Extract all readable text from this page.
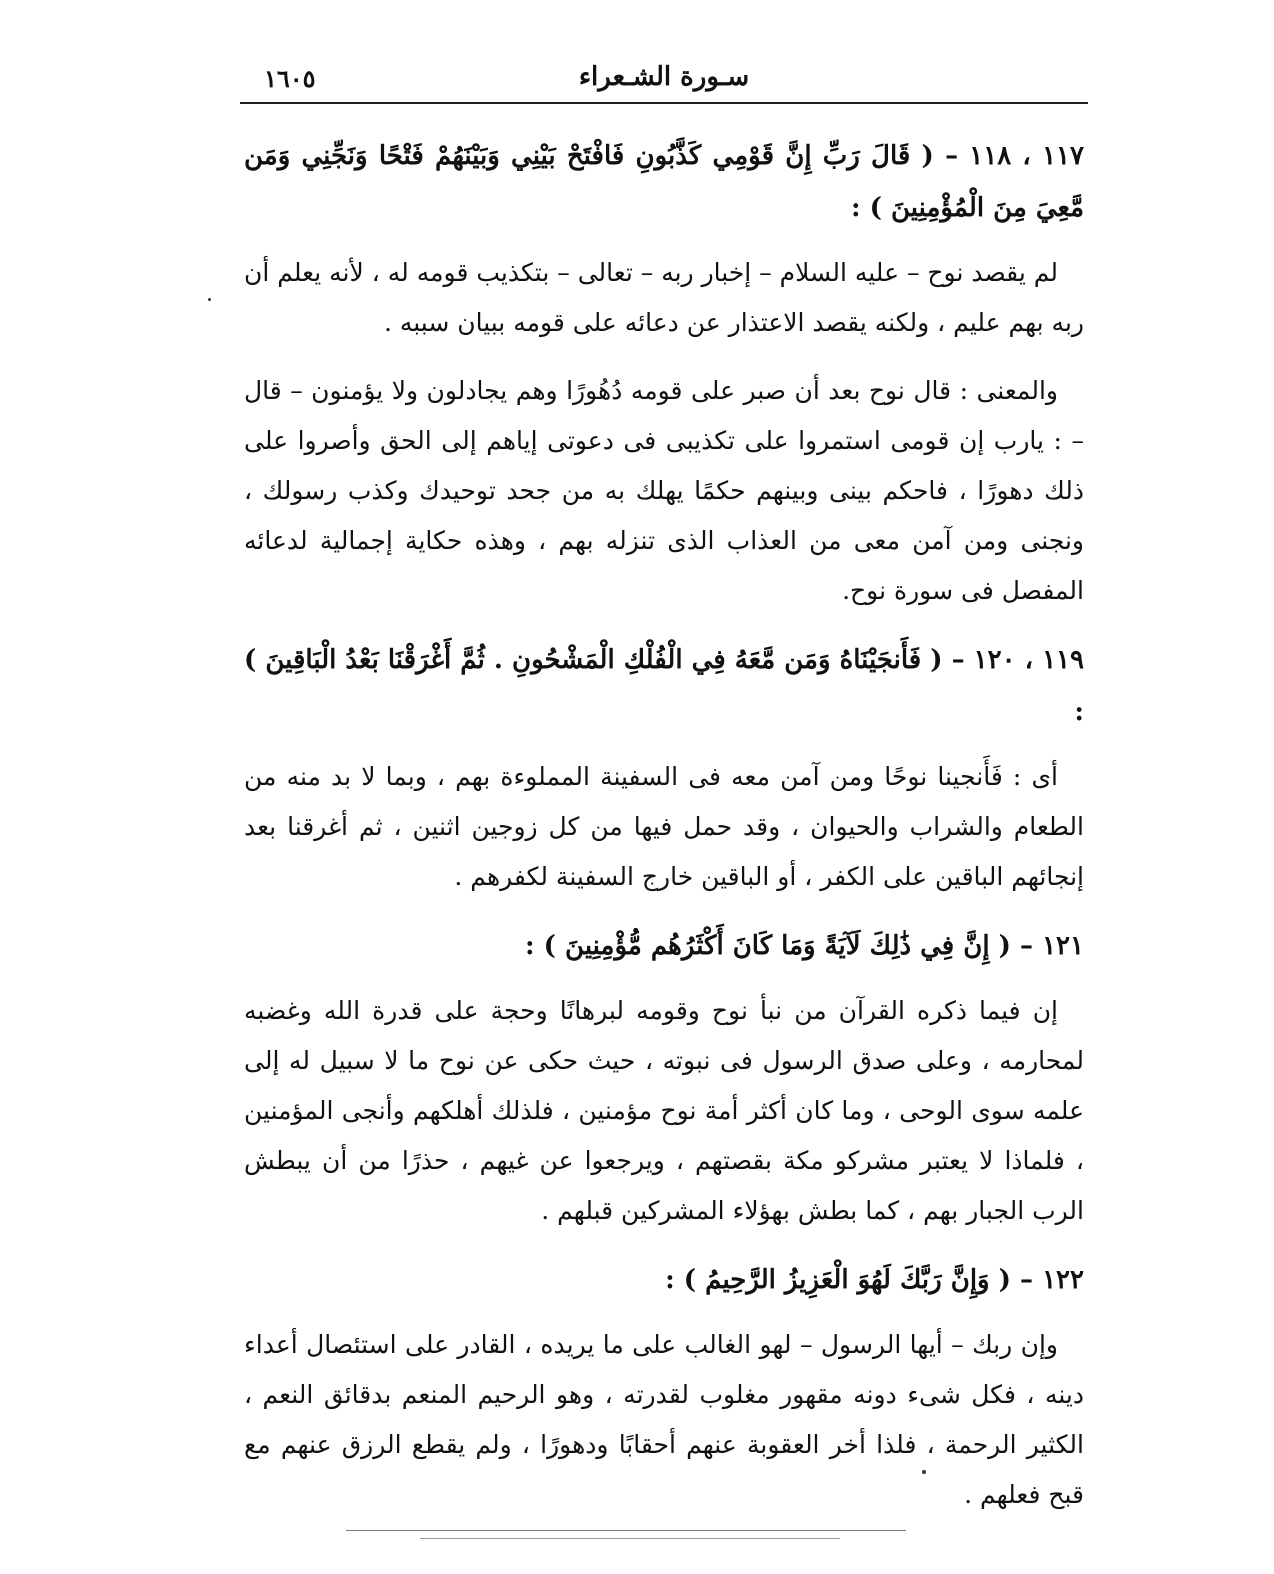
سـورة الشـعراء
١٦٠٥
١١٧ ، ١١٨ – ( قَالَ رَبِّ إِنَّ قَوْمِي كَذَّبُونِ فَافْتَحْ بَيْنِي وَبَيْنَهُمْ فَتْحًا وَنَجِّنِي وَمَن مَّعِيَ مِنَ الْمُؤْمِنِينَ ) :

لم يقصد نوح – عليه السلام – إخبار ربه – تعالى – بتكذيب قومه له ، لأنه يعلم أن ربه بهم عليم ، ولكنه يقصد الاعتذار عن دعائه على قومه ببيان سببه .

والمعنى : قال نوح بعد أن صبر على قومه دُهُورًا وهم يجادلون ولا يؤمنون – قال – : يارب إن قومى استمروا على تكذيبى فى دعوتى إياهم إلى الحق وأصروا على ذلك دهورًا ، فاحكم بينى وبينهم حكمًا يهلك به من جحد توحيدك وكذب رسولك ، ونجنى ومن آمن معى من العذاب الذى تنزله بهم ، وهذه حكاية إجمالية لدعائه المفصل فى سورة نوح.

١١٩ ، ١٢٠ – ( فَأَنجَيْنَاهُ وَمَن مَّعَهُ فِي الْفُلْكِ الْمَشْحُونِ . ثُمَّ أَغْرَقْنَا بَعْدُ الْبَاقِينَ ) :

أى : فَأَنجينا نوحًا ومن آمن معه فى السفينة المملوءة بهم ، وبما لا بد منه من الطعام والشراب والحيوان ، وقد حمل فيها من كل زوجين اثنين ، ثم أغرقنا بعد إنجائهم الباقين على الكفر ، أو الباقين خارج السفينة لكفرهم .

١٢١ – ( إِنَّ فِي ذَٰلِكَ لَآيَةً وَمَا كَانَ أَكْثَرُهُم مُّؤْمِنِينَ ) :

إن فيما ذكره القرآن من نبأ نوح وقومه لبرهانًا وحجة على قدرة الله وغضبه لمحارمه ، وعلى صدق الرسول فى نبوته ، حيث حكى عن نوح ما لا سبيل له إلى علمه سوى الوحى ، وما كان أكثر أمة نوح مؤمنين ، فلذلك أهلكهم وأنجى المؤمنين ، فلماذا لا يعتبر مشركو مكة بقصتهم ، ويرجعوا عن غيهم ، حذرًا من أن يبطش الرب الجبار بهم ، كما بطش بهؤلاء المشركين قبلهم .

١٢٢ – ( وَإِنَّ رَبَّكَ لَهُوَ الْعَزِيزُ الرَّحِيمُ ) :

وإن ربك – أيها الرسول – لهو الغالب على ما يريده ، القادر على استئصال أعداء دينه ، فكل شىء دونه مقهور مغلوب لقدرته ، وهو الرحيم المنعم بدقائق النعم ، الكثير الرحمة ، فلذا أخر العقوبة عنهم أحقابًا ودهورًا ، ولم يقطع الرزق عنهم مع قبح فعلهم .
